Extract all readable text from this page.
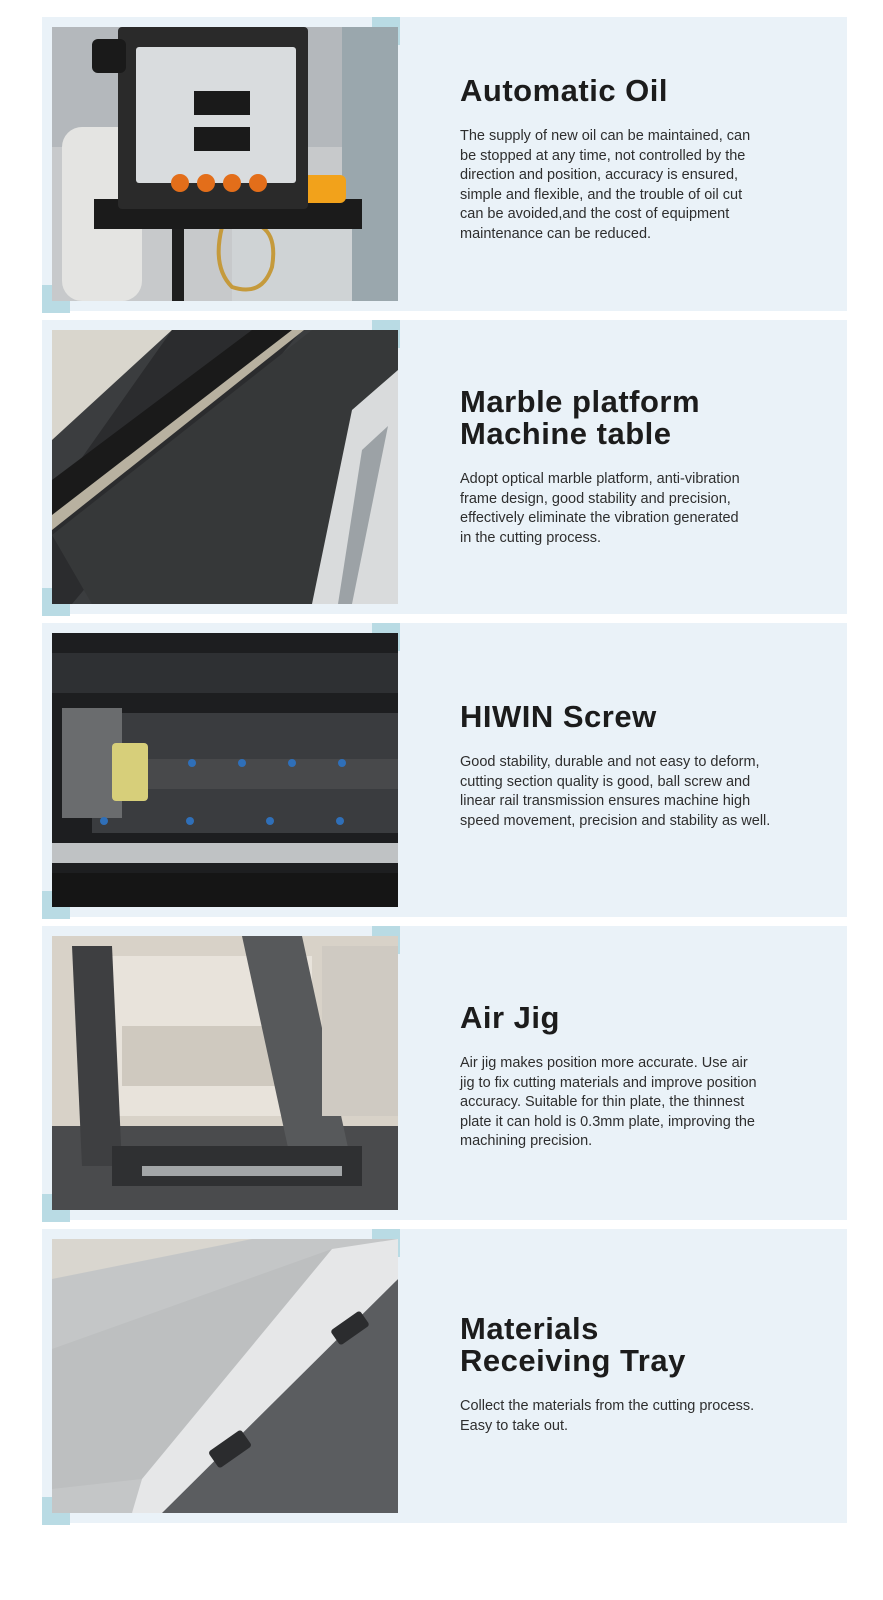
Automatic Oil

The supply of new oil can be maintained, can
be stopped at any time, not controlled by the
direction and position, accuracy is ensured,
simple and flexible, and the trouble of oil cut
can be avoided,and the cost of equipment
maintenance can be reduced.

Marble platform
Machine table

Adopt optical marble platform, anti-vibration
frame design, good stability and precision,
effectively eliminate the vibration generated
in the cutting process.

HIWIN Screw

Good stability, durable and not easy to deform,
cutting section quality is good, ball screw and
linear rail transmission ensures machine high
speed movement, precision and stability as well.

Air Jig

Air jig makes position more accurate. Use air
jig to fix cutting materials and improve position
accuracy. Suitable for thin plate, the thinnest
plate it can hold is 0.3mm plate, improving the
machining precision.

Materials
Receiving Tray

Collect the materials from the cutting process.
Easy to take out.
